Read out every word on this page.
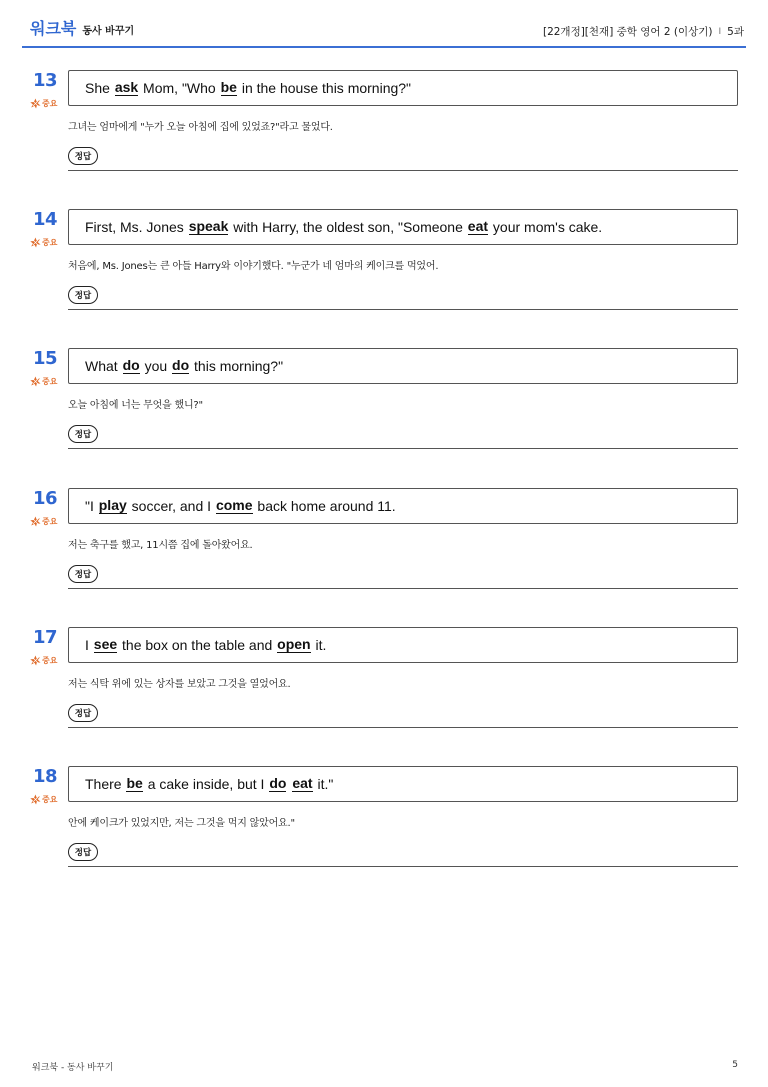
워크북 동사 바꾸기	[22개정][천재] 중학 영어 2 (이상기) I 5과
13
중요
She ask Mom, "Who be in the house this morning?"
그녀는 엄마에게 "누가 오늘 아침에 집에 있었죠?"라고 물었다.
정답
14
중요
First, Ms. Jones speak with Harry, the oldest son, "Someone eat your mom's cake.
처음에, Ms. Jones는 큰 아들 Harry와 이야기했다. "누군가 네 엄마의 케이크를 먹었어.
정답
15
중요
What do you do this morning?"
오늘 아침에 너는 무엇을 했니?"
정답
16
중요
"I play soccer, and I come back home around 11.
저는 축구를 했고, 11시쯤 집에 돌아왔어요.
정답
17
중요
I see the box on the table and open it.
저는 식탁 위에 있는 상자를 보았고 그것을 열었어요.
정답
18
중요
There be a cake inside, but I do
eat it."
안에 케이크가 있었지만, 저는 그것을 먹지 않았어요."
정답
워크북 - 동사 바꾸기	5
